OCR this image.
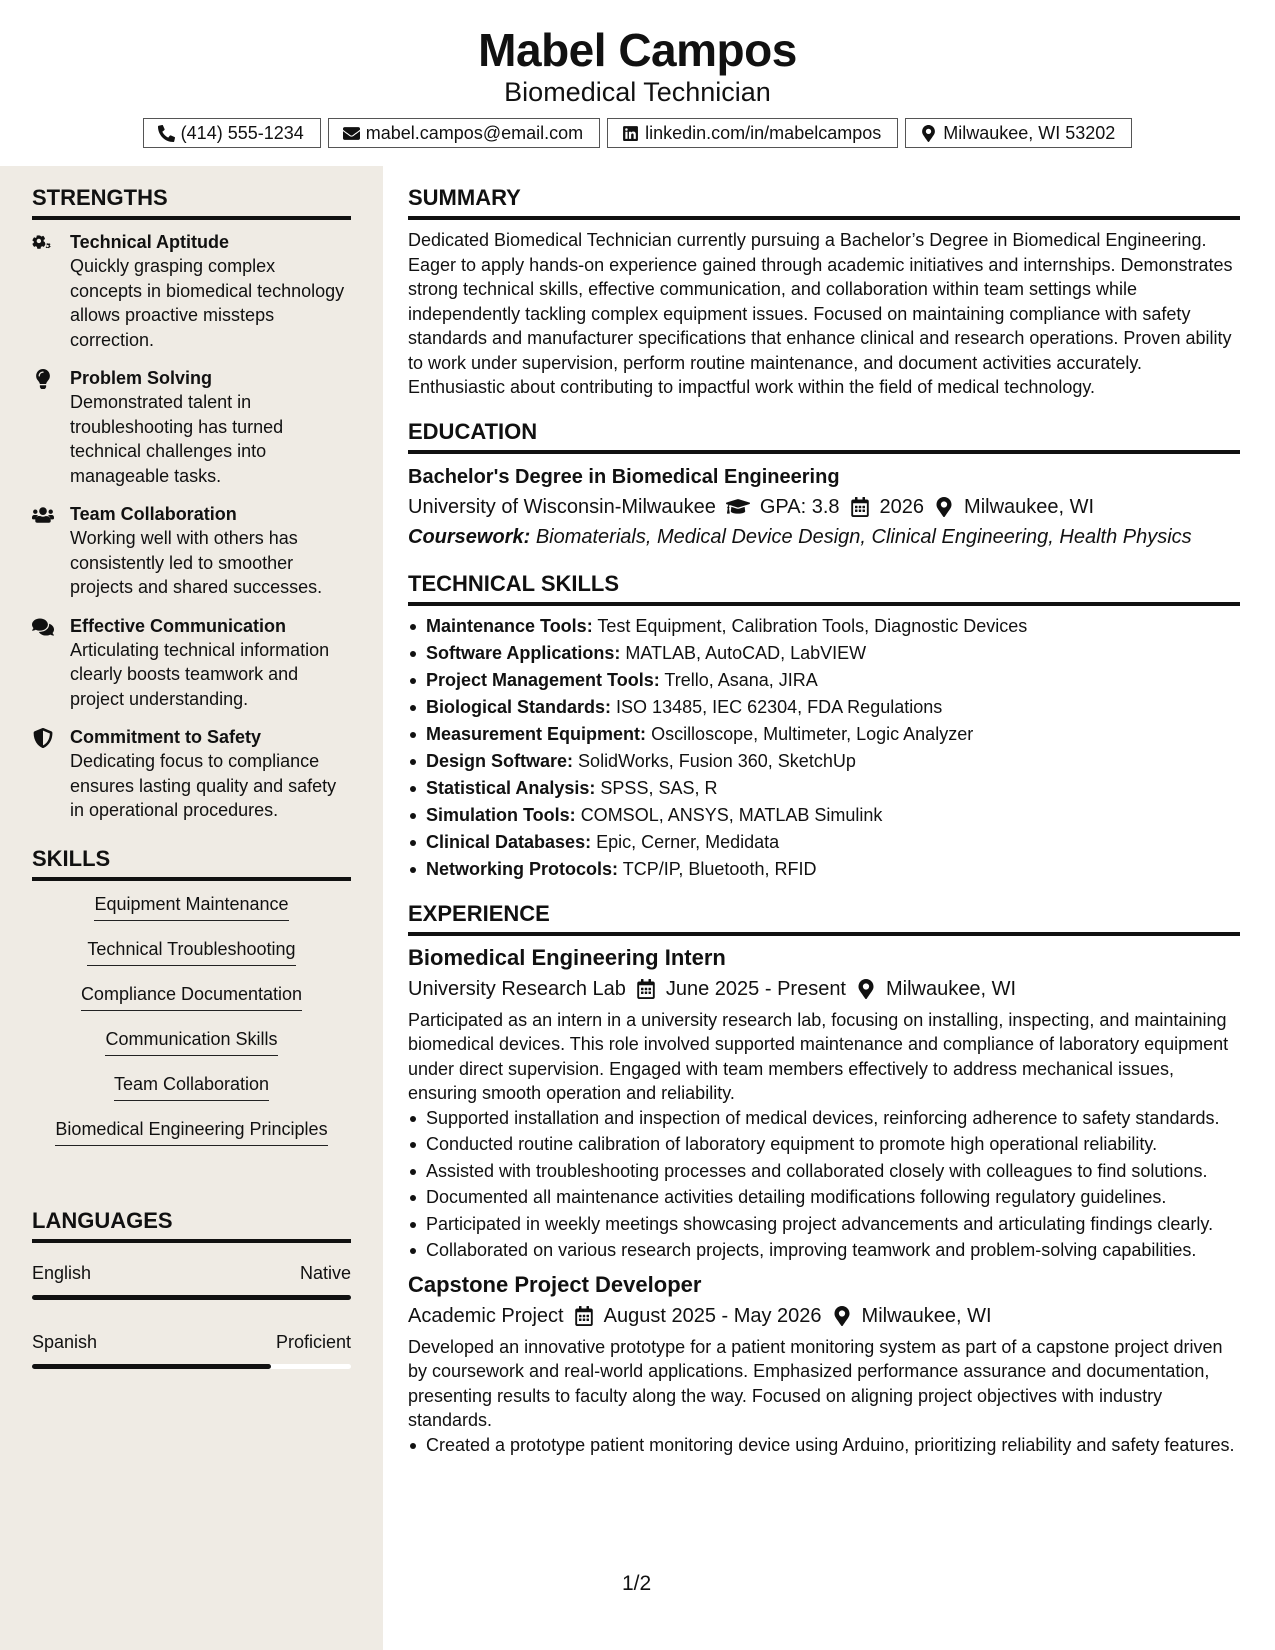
Mabel Campos
Biomedical Technician
(414) 555-1234	mabel.campos@email.com	linkedin.com/in/mabelcampos	Milwaukee, WI 53202
STRENGTHS
Technical Aptitude
Quickly grasping complex concepts in biomedical technology allows proactive missteps correction.
Problem Solving
Demonstrated talent in troubleshooting has turned technical challenges into manageable tasks.
Team Collaboration
Working well with others has consistently led to smoother projects and shared successes.
Effective Communication
Articulating technical information clearly boosts teamwork and project understanding.
Commitment to Safety
Dedicating focus to compliance ensures lasting quality and safety in operational procedures.
SKILLS
Equipment Maintenance
Technical Troubleshooting
Compliance Documentation
Communication Skills
Team Collaboration
Biomedical Engineering Principles
LANGUAGES
English	Native
Spanish	Proficient
SUMMARY
Dedicated Biomedical Technician currently pursuing a Bachelor’s Degree in Biomedical Engineering. Eager to apply hands-on experience gained through academic initiatives and internships. Demonstrates strong technical skills, effective communication, and collaboration within team settings while independently tackling complex equipment issues. Focused on maintaining compliance with safety standards and manufacturer specifications that enhance clinical and research operations. Proven ability to work under supervision, perform routine maintenance, and document activities accurately. Enthusiastic about contributing to impactful work within the field of medical technology.
EDUCATION
Bachelor's Degree in Biomedical Engineering
University of Wisconsin-Milwaukee GPA: 3.8 2026 Milwaukee, WI
Coursework: Biomaterials, Medical Device Design, Clinical Engineering, Health Physics
TECHNICAL SKILLS
Maintenance Tools: Test Equipment, Calibration Tools, Diagnostic Devices
Software Applications: MATLAB, AutoCAD, LabVIEW
Project Management Tools: Trello, Asana, JIRA
Biological Standards: ISO 13485, IEC 62304, FDA Regulations
Measurement Equipment: Oscilloscope, Multimeter, Logic Analyzer
Design Software: SolidWorks, Fusion 360, SketchUp
Statistical Analysis: SPSS, SAS, R
Simulation Tools: COMSOL, ANSYS, MATLAB Simulink
Clinical Databases: Epic, Cerner, Medidata
Networking Protocols: TCP/IP, Bluetooth, RFID
EXPERIENCE
Biomedical Engineering Intern
University Research Lab June 2025 - Present Milwaukee, WI
Participated as an intern in a university research lab, focusing on installing, inspecting, and maintaining biomedical devices. This role involved supported maintenance and compliance of laboratory equipment under direct supervision. Engaged with team members effectively to address mechanical issues, ensuring smooth operation and reliability.
Supported installation and inspection of medical devices, reinforcing adherence to safety standards.
Conducted routine calibration of laboratory equipment to promote high operational reliability.
Assisted with troubleshooting processes and collaborated closely with colleagues to find solutions.
Documented all maintenance activities detailing modifications following regulatory guidelines.
Participated in weekly meetings showcasing project advancements and articulating findings clearly.
Collaborated on various research projects, improving teamwork and problem-solving capabilities.
Capstone Project Developer
Academic Project August 2025 - May 2026 Milwaukee, WI
Developed an innovative prototype for a patient monitoring system as part of a capstone project driven by coursework and real-world applications. Emphasized performance assurance and documentation, presenting results to faculty along the way. Focused on aligning project objectives with industry standards.
Created a prototype patient monitoring device using Arduino, prioritizing reliability and safety features.
1/2
